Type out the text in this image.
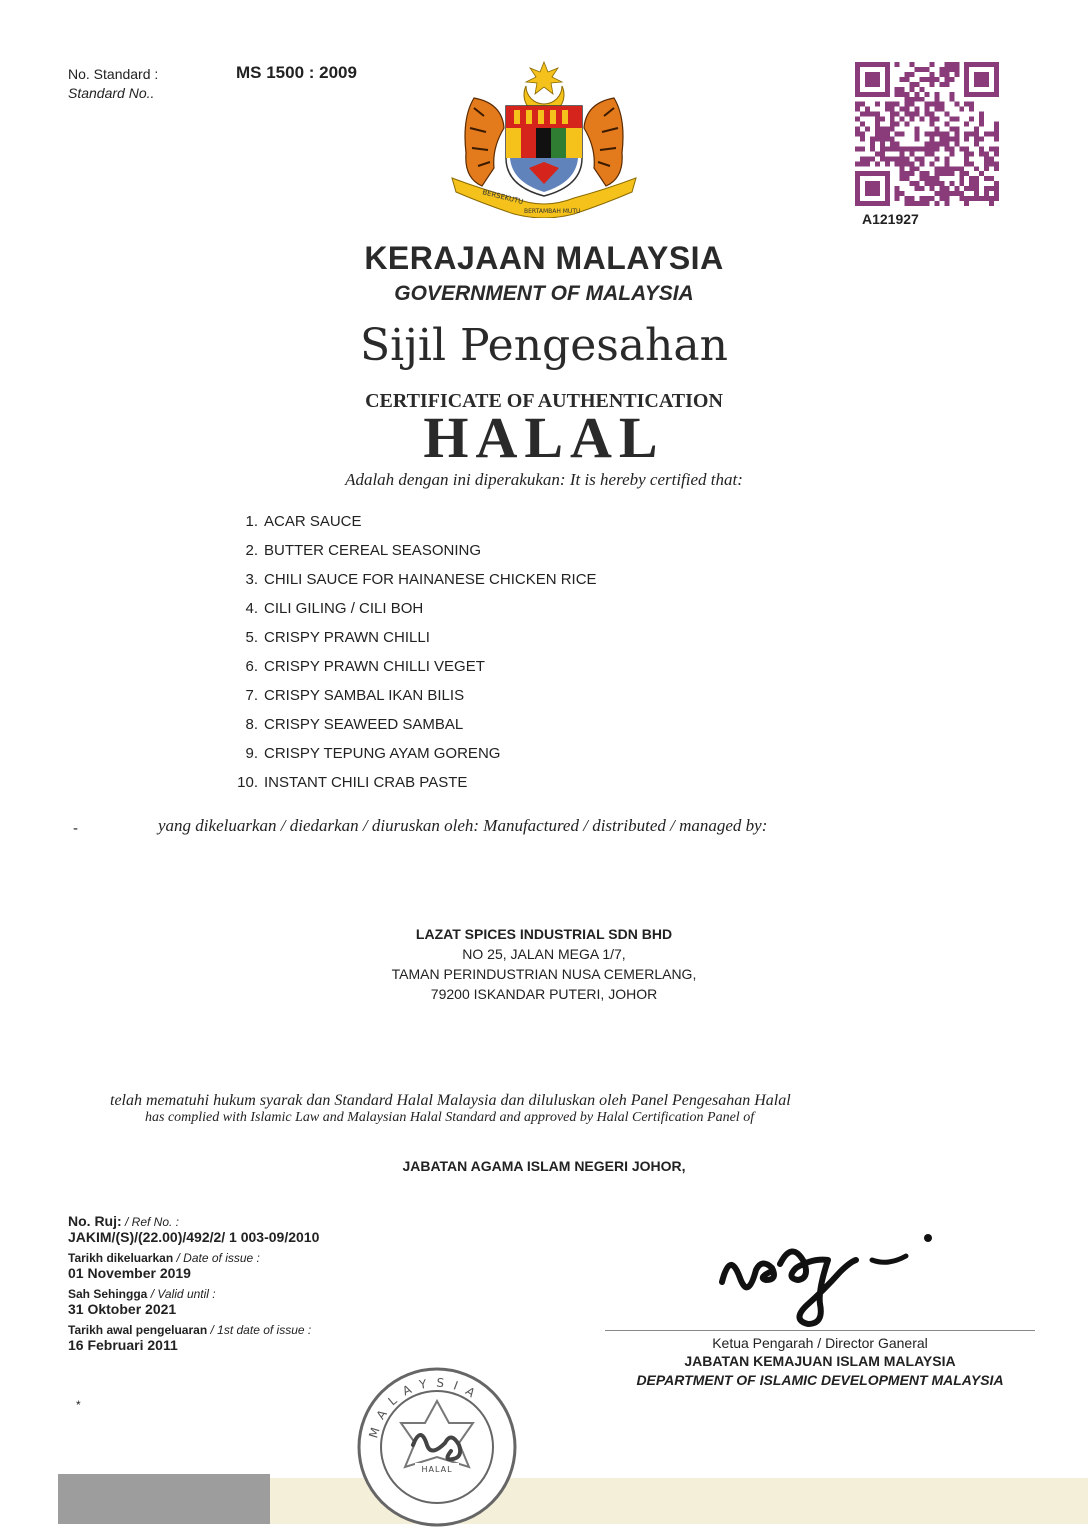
No. Standard :
Standard No..
MS 1500 : 2009
BERSEKUTU
BERTAMBAH MUTU	A121927
KERAJAAN MALAYSIA
GOVERNMENT OF MALAYSIA
Sijil Pengesahan
CERTIFICATE OF AUTHENTICATION
HALAL
Adalah dengan ini diperakukan: It is hereby certified that:
1. ACAR SAUCE
2. BUTTER CEREAL SEASONING
3. CHILI SAUCE FOR HAINANESE CHICKEN RICE
4. CILI GILING / CILI BOH
5. CRISPY PRAWN CHILLI
6. CRISPY PRAWN CHILLI VEGET
7. CRISPY SAMBAL IKAN BILIS
8. CRISPY SEAWEED SAMBAL
9. CRISPY TEPUNG AYAM GORENG
10. INSTANT CHILI CRAB PASTE
-	yang dikeluarkan / diedarkan / diuruskan oleh: Manufactured / distributed / managed by:
LAZAT SPICES INDUSTRIAL SDN BHD
NO 25, JALAN MEGA 1/7,
TAMAN PERINDUSTRIAN NUSA CEMERLANG,
79200 ISKANDAR PUTERI, JOHOR
telah mematuhi hukum syarak dan Standard Halal Malaysia dan diluluskan oleh Panel Pengesahan Halal
has complied with Islamic Law and Malaysian Halal Standard and approved by Halal Certification Panel of
JABATAN AGAMA ISLAM NEGERI JOHOR,
No. Ruj: / Ref No. :
JAKIM/(S)/(22.00)/492/2/ 1 003-09/2010
Tarikh dikeluarkan / Date of issue :
01 November 2019
Sah Sehingga / Valid until :
31 Oktober 2021
Tarikh awal pengeluaran / 1st date of issue :
16 Februari 2011	Ketua Pengarah / Director Ganeral
JABATAN KEMAJUAN ISLAM MALAYSIA
DEPARTMENT OF ISLAMIC DEVELOPMENT MALAYSIA
*
MALAYSIA
HALAL
